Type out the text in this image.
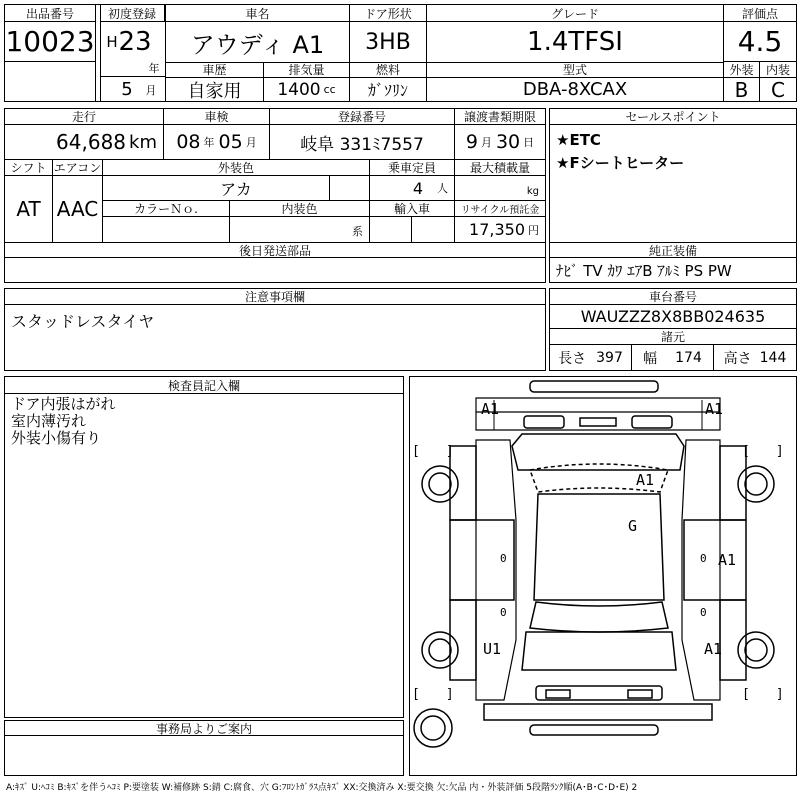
出品番号
10023
初度登録
H 23
年
5	月
車名
アウディ A1
ドア形状
3HB
グレード
1.4TFSI
評価点
4.5
外装	内装
B	C
車歴
自家用
排気量
1400 cc
燃料
ｶﾞｿﾘﾝ
型式
DBA-8XCAX
走行
64,688 km
車検
08 年 05 月
登録番号
岐阜 331ﾐ7557
譲渡書類期限
9 月 30 日
シフト
AT
エアコン
AAC
外装色
アカ
乗車定員
4 人
最大積載量
kg
カラーＮｏ.	内装色
系
輸入車	リサイクル預託金
17,350 円
後日発送部品
セールスポイント
★ETC
★Fシートヒーター
純正装備
ﾅﾋﾞ TV ｶﾜ ｴｱB ｱﾙﾐ PS PW
注意事項欄
スタッドレスタイヤ
車台番号
WAUZZZ8X8BB024635
諸元
長さ 397 幅 174 高さ 144
検査員記入欄
ドア内張はがれ
室内薄汚れ
外装小傷有り
事務局よりご案内
A1	A1
A1
G
A1
U1	A1
[　　]	[　　]
[　　]	[　　]
0	0
0	0
A:ｷｽﾞ U:ﾍｺﾐ B:ｷｽﾞを伴うﾍｺﾐ P:要塗装 W:補修跡 S:錆 C:腐食、穴 G:ﾌﾛﾝﾄｶﾞﾗｽ点ｷｽﾞ XX:交換済み X:要交換 欠:欠品 内・外装評価 5段階ﾗﾝｸ順(A･B･C･D･E) 2
